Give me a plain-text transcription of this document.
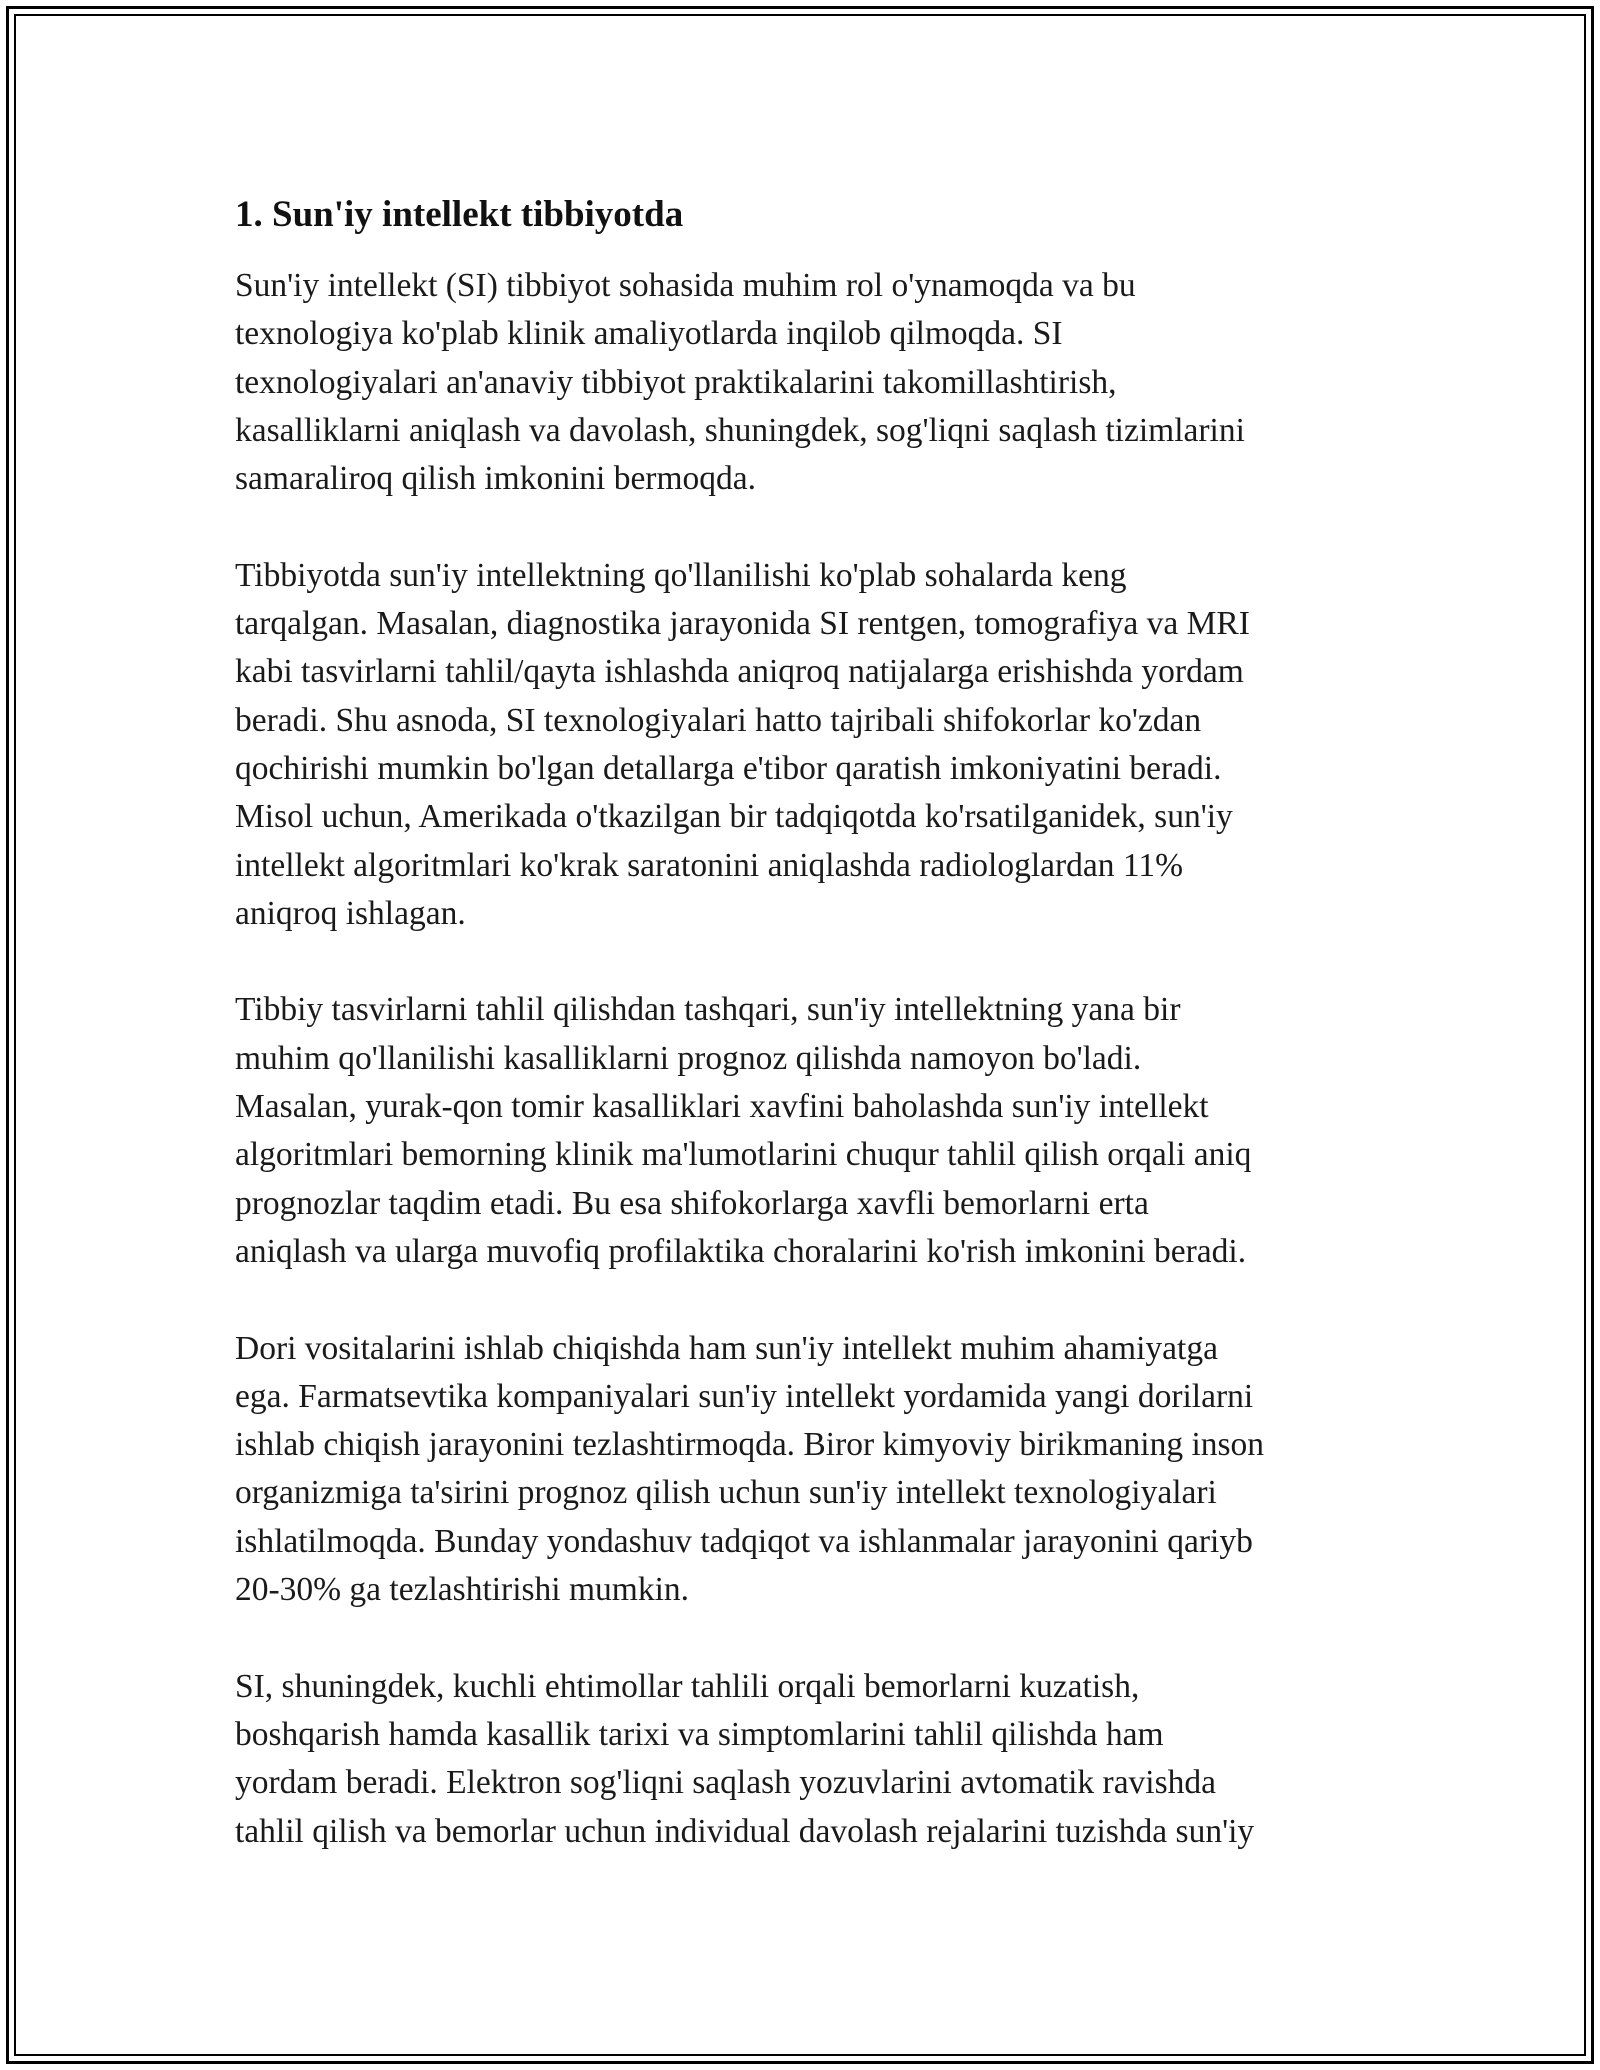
1. Sun'iy intellekt tibbiyotda

Sun'iy intellekt (SI) tibbiyot sohasida muhim rol o'ynamoqda va bu
texnologiya ko'plab klinik amaliyotlarda inqilob qilmoqda. SI
texnologiyalari an'anaviy tibbiyot praktikalarini takomillashtirish,
kasalliklarni aniqlash va davolash, shuningdek, sog'liqni saqlash tizimlarini
samaraliroq qilish imkonini bermoqda.

Tibbiyotda sun'iy intellektning qo'llanilishi ko'plab sohalarda keng
tarqalgan. Masalan, diagnostika jarayonida SI rentgen, tomografiya va MRI
kabi tasvirlarni tahlil/qayta ishlashda aniqroq natijalarga erishishda yordam
beradi. Shu asnoda, SI texnologiyalari hatto tajribali shifokorlar ko'zdan
qochirishi mumkin bo'lgan detallarga e'tibor qaratish imkoniyatini beradi.
Misol uchun, Amerikada o'tkazilgan bir tadqiqotda ko'rsatilganidek, sun'iy
intellekt algoritmlari ko'krak saratonini aniqlashda radiologlardan 11%
aniqroq ishlagan.

Tibbiy tasvirlarni tahlil qilishdan tashqari, sun'iy intellektning yana bir
muhim qo'llanilishi kasalliklarni prognoz qilishda namoyon bo'ladi.
Masalan, yurak-qon tomir kasalliklari xavfini baholashda sun'iy intellekt
algoritmlari bemorning klinik ma'lumotlarini chuqur tahlil qilish orqali aniq
prognozlar taqdim etadi. Bu esa shifokorlarga xavfli bemorlarni erta
aniqlash va ularga muvofiq profilaktika choralarini ko'rish imkonini beradi.

Dori vositalarini ishlab chiqishda ham sun'iy intellekt muhim ahamiyatga
ega. Farmatsevtika kompaniyalari sun'iy intellekt yordamida yangi dorilarni
ishlab chiqish jarayonini tezlashtirmoqda. Biror kimyoviy birikmaning inson
organizmiga ta'sirini prognoz qilish uchun sun'iy intellekt texnologiyalari
ishlatilmoqda. Bunday yondashuv tadqiqot va ishlanmalar jarayonini qariyb
20-30% ga tezlashtirishi mumkin.

SI, shuningdek, kuchli ehtimollar tahlili orqali bemorlarni kuzatish,
boshqarish hamda kasallik tarixi va simptomlarini tahlil qilishda ham
yordam beradi. Elektron sog'liqni saqlash yozuvlarini avtomatik ravishda
tahlil qilish va bemorlar uchun individual davolash rejalarini tuzishda sun'iy
